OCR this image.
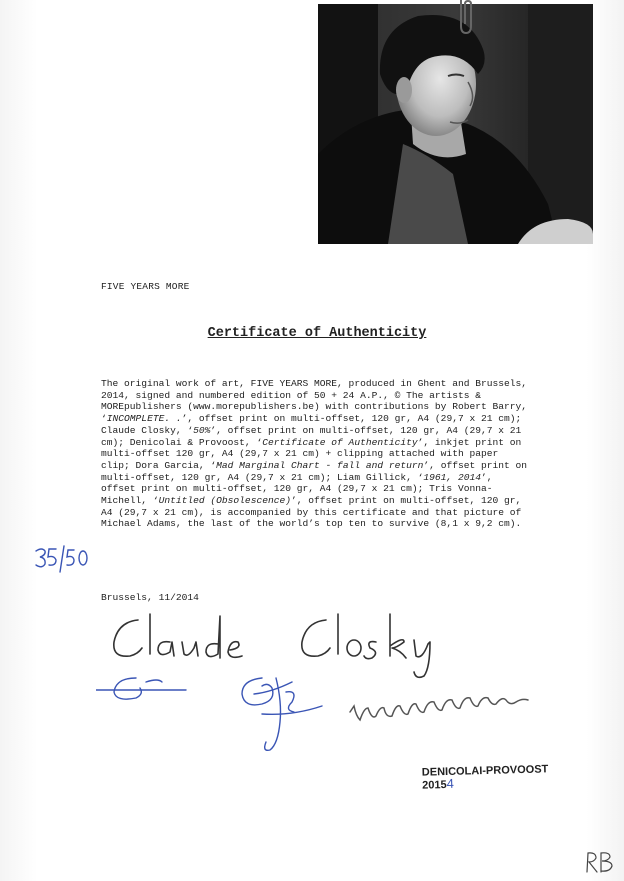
FIVE YEARS MORE
Certificate of Authenticity
The original work of art, FIVE YEARS MORE, produced in Ghent and Brussels, 2014, signed and numbered edition of 50 + 24 A.P., © The artists & MOREpublishers (www.morepublishers.be) with contributions by Robert Barry, ‘INCOMPLETE. .’, offset print on multi-offset, 120 gr, A4 (29,7 x 21 cm); Claude Closky, ‘50%’, offset print on multi-offset, 120 gr, A4 (29,7 x 21 cm); Denicolai & Provoost, ‘Certificate of Authenticity’, inkjet print on multi-offset 120 gr, A4 (29,7 x 21 cm) + clipping attached with paper clip; Dora Garcia, ‘Mad Marginal Chart - fall and return’, offset print on multi-offset, 120 gr, A4 (29,7 x 21 cm); Liam Gillick, ‘1961, 2014’, offset print on multi-offset, 120 gr, A4 (29,7 x 21 cm); Tris Vonna-Michell, ‘Untitled (Obsolescence)’, offset print on multi-offset, 120 gr, A4 (29,7 x 21 cm), is accompanied by this certificate and that picture of Michael Adams, the last of the world’s top ten to survive (8,1 x 9,2 cm).
Brussels, 11/2014
DENICOLAI-PROVOOST
20154
